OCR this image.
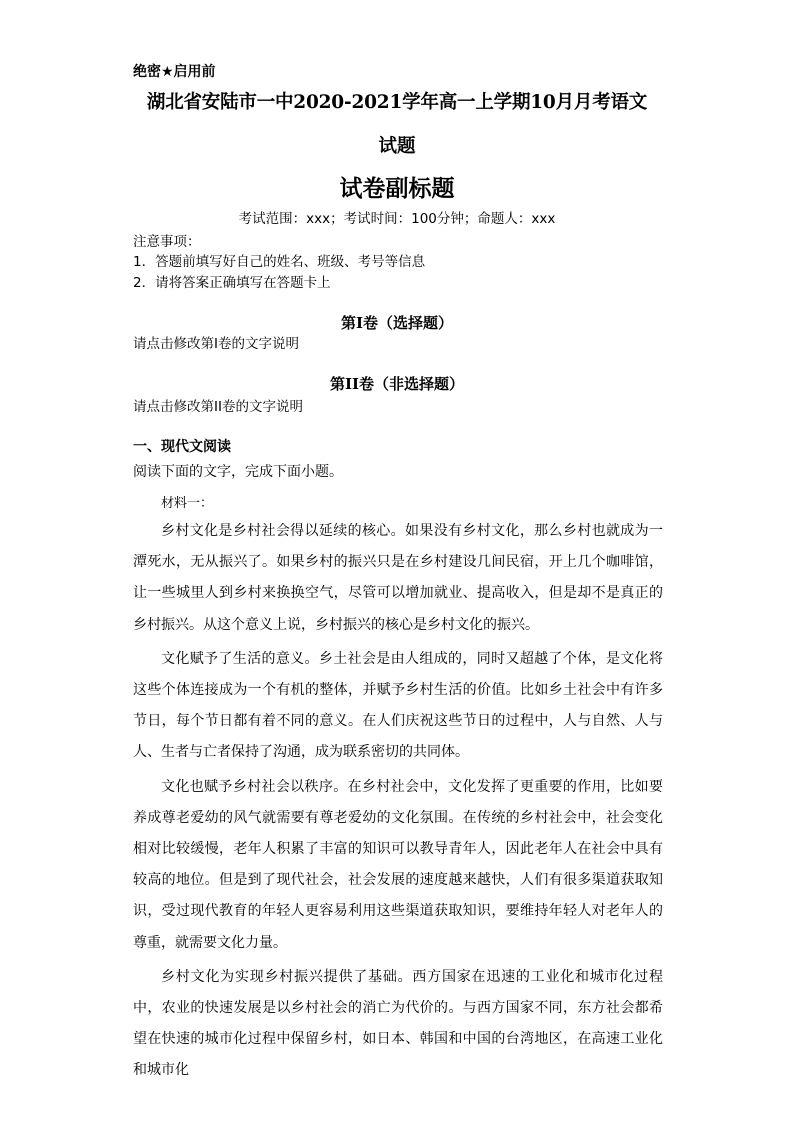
绝密★启用前
湖北省安陆市一中2020-2021学年高一上学期10月月考语文
试题
试卷副标题
考试范围：xxx；考试时间：100分钟；命题人：xxx
注意事项：
1．答题前填写好自己的姓名、班级、考号等信息
2．请将答案正确填写在答题卡上
第I卷（选择题）
请点击修改第I卷的文字说明
第II卷（非选择题）
请点击修改第II卷的文字说明
一、现代文阅读
阅读下面的文字，完成下面小题。
材料一：

乡村文化是乡村社会得以延续的核心。如果没有乡村文化，那么乡村也就成为一潭死水，无从振兴了。如果乡村的振兴只是在乡村建设几间民宿，开上几个咖啡馆，让一些城里人到乡村来换换空气，尽管可以增加就业、提高收入，但是却不是真正的乡村振兴。从这个意义上说，乡村振兴的核心是乡村文化的振兴。

文化赋予了生活的意义。乡土社会是由人组成的，同时又超越了个体，是文化将这些个体连接成为一个有机的整体，并赋予乡村生活的价值。比如乡土社会中有许多节日，每个节日都有着不同的意义。在人们庆祝这些节日的过程中，人与自然、人与人、生者与亡者保持了沟通，成为联系密切的共同体。

文化也赋予乡村社会以秩序。在乡村社会中，文化发挥了更重要的作用，比如要养成尊老爱幼的风气就需要有尊老爱幼的文化氛围。在传统的乡村社会中，社会变化相对比较缓慢，老年人积累了丰富的知识可以教导青年人，因此老年人在社会中具有较高的地位。但是到了现代社会，社会发展的速度越来越快，人们有很多渠道获取知识，受过现代教育的年轻人更容易利用这些渠道获取知识，要维持年轻人对老年人的尊重，就需要文化力量。

乡村文化为实现乡村振兴提供了基础。西方国家在迅速的工业化和城市化过程中，农业的快速发展是以乡村社会的消亡为代价的。与西方国家不同，东方社会都希望在快速的城市化过程中保留乡村，如日本、韩国和中国的台湾地区，在高速工业化和城市化
